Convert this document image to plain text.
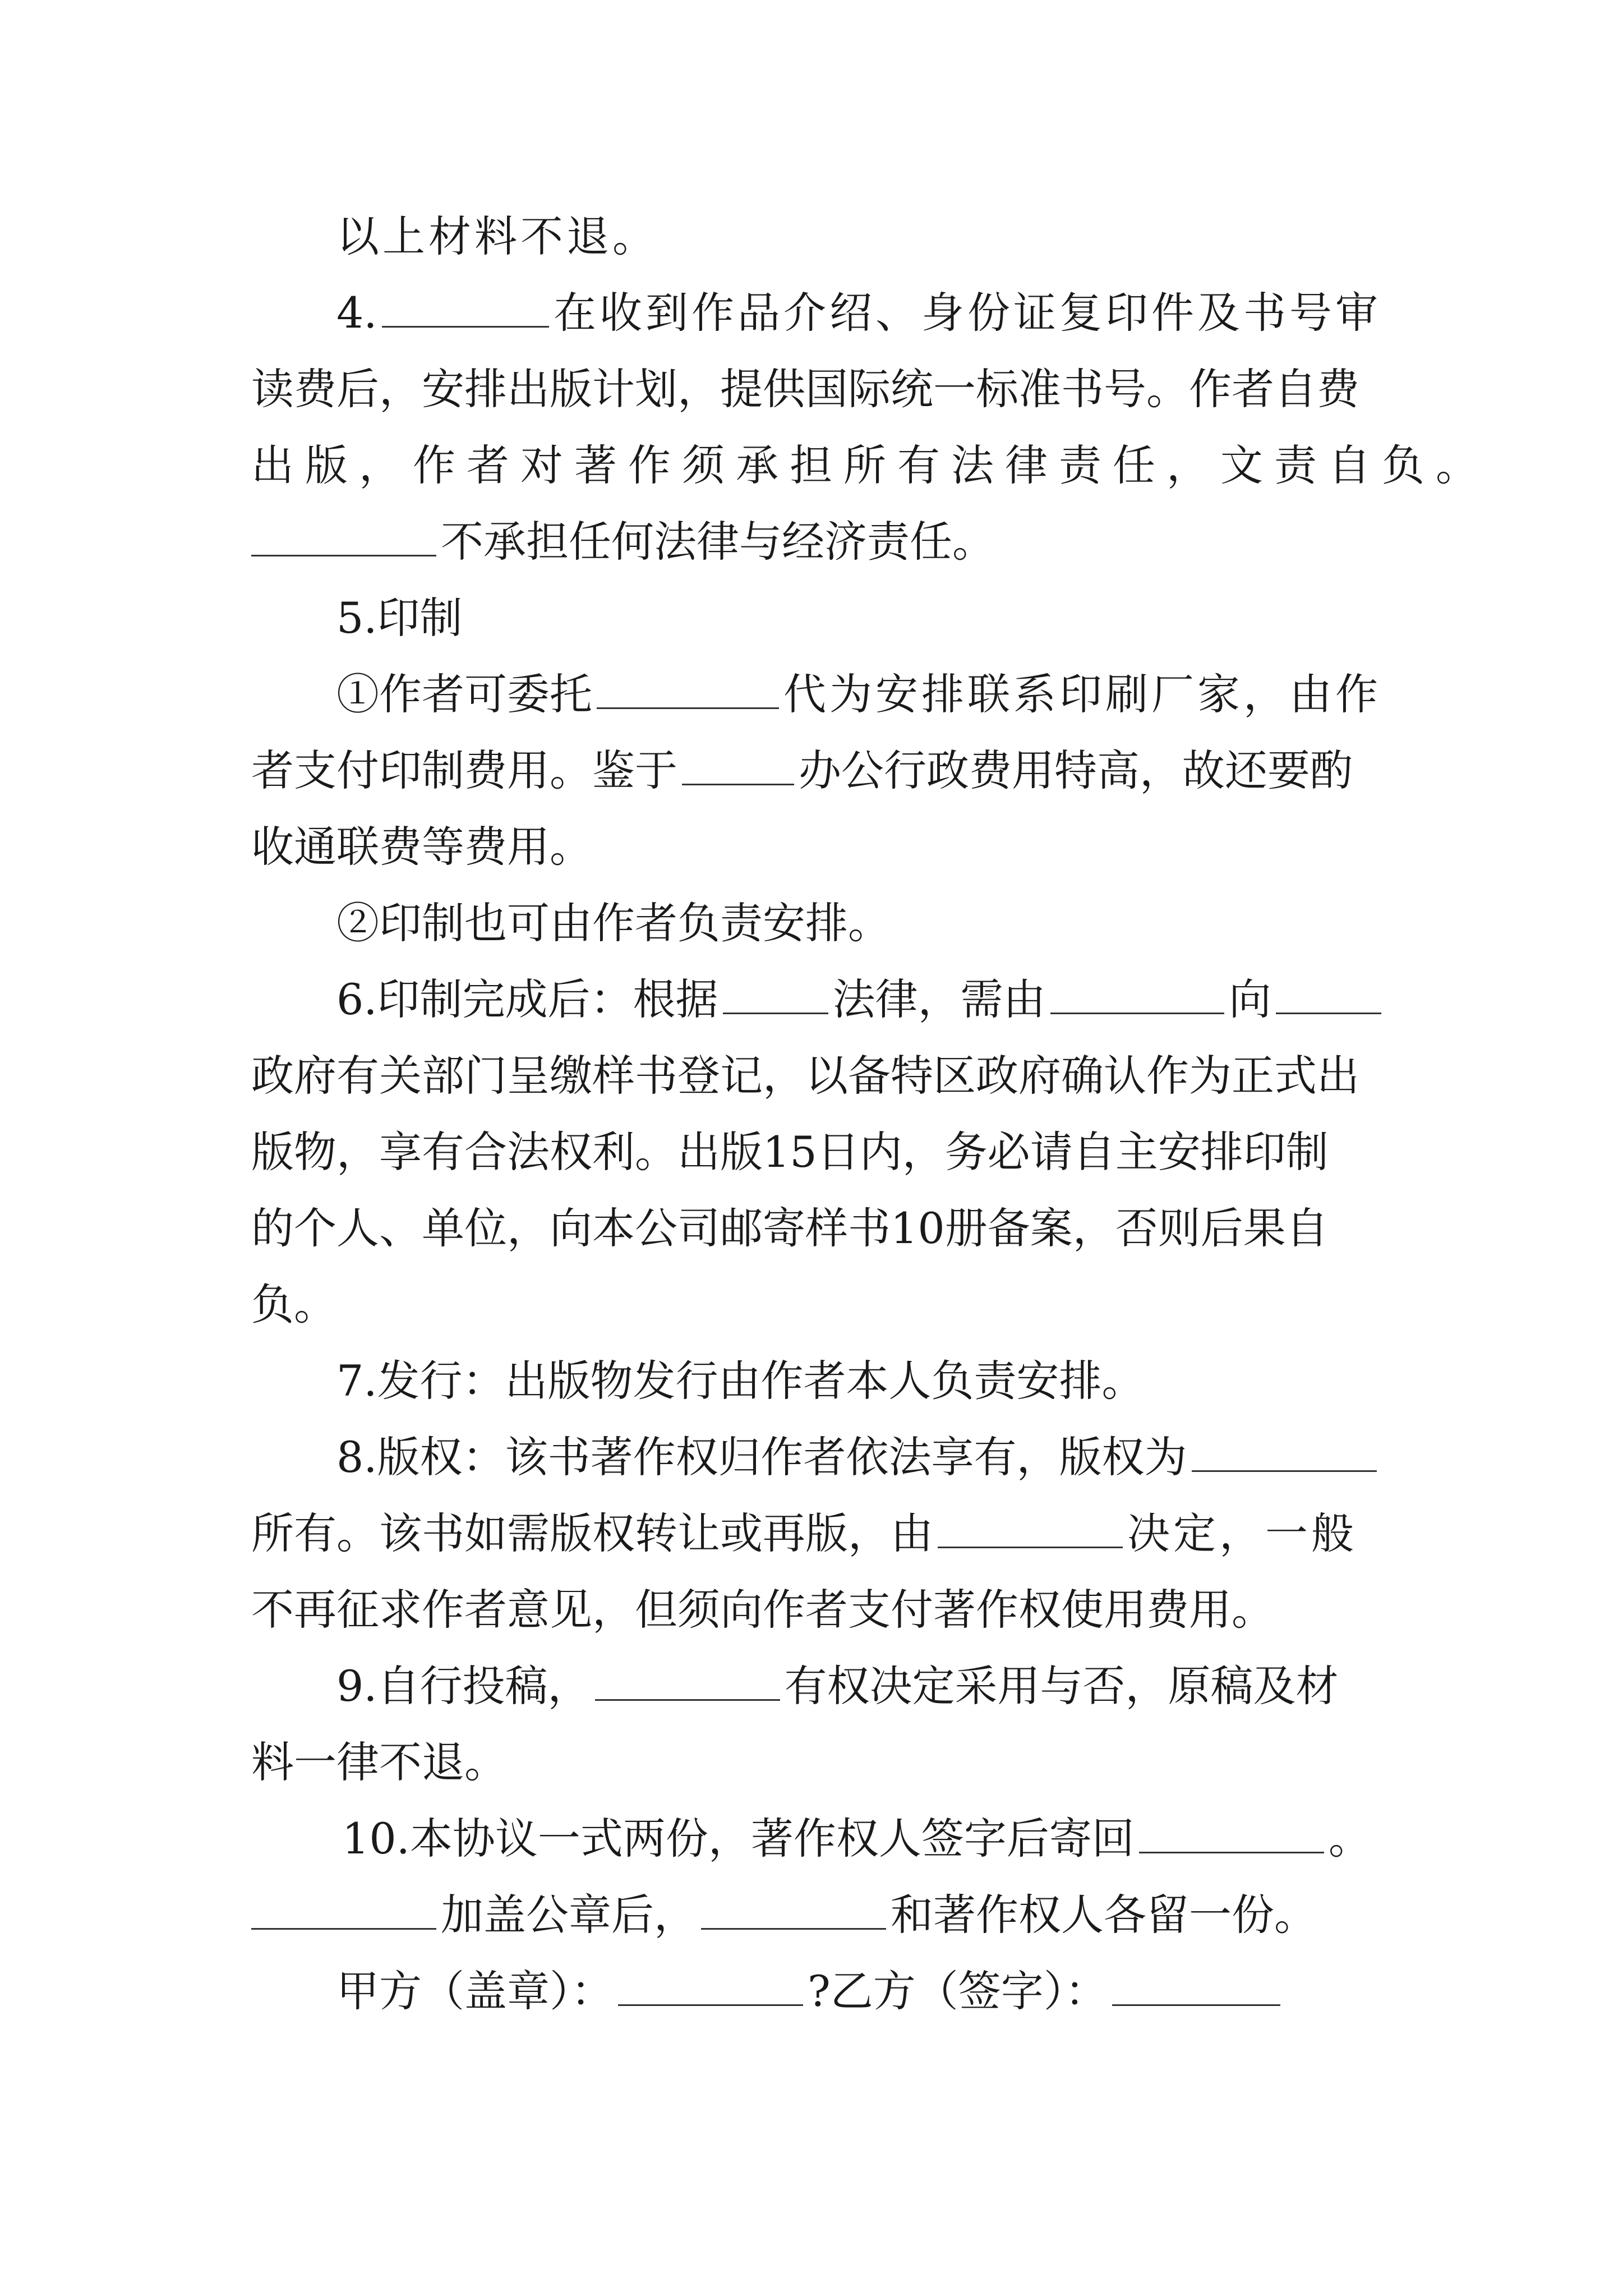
以上材料不退。
4.	在收到作品介绍、身份证复印件及书号审
读费后，安排出版计划，提供国际统一标准书号。作者自费
出版，作者对著作须承担所有法律责任，文责自负。
不承担任何法律与经济责任。
5.印制
①作者可委托	代为安排联系印刷厂家，由作
者支付印制费用。鉴于	办公行政费用特高，故还要酌
收通联费等费用。
②印制也可由作者负责安排。
6.印制完成后：根据	法律，需由	向
政府有关部门呈缴样书登记，以备特区政府确认作为正式出
版物，享有合法权利。出版15日内，务必请自主安排印制
的个人、单位，向本公司邮寄样书10册备案，否则后果自
负。
7.发行：出版物发行由作者本人负责安排。
8.版权：该书著作权归作者依法享有，版权为
所有。该书如需版权转让或再版，由	决定，一般
不再征求作者意见，但须向作者支付著作权使用费用。
9.自行投稿，	有权决定采用与否，原稿及材
料一律不退。
10.本协议一式两份，著作权人签字后寄回	。
加盖公章后，	和著作权人各留一份。
甲方（盖章）：	?乙方（签字）：
